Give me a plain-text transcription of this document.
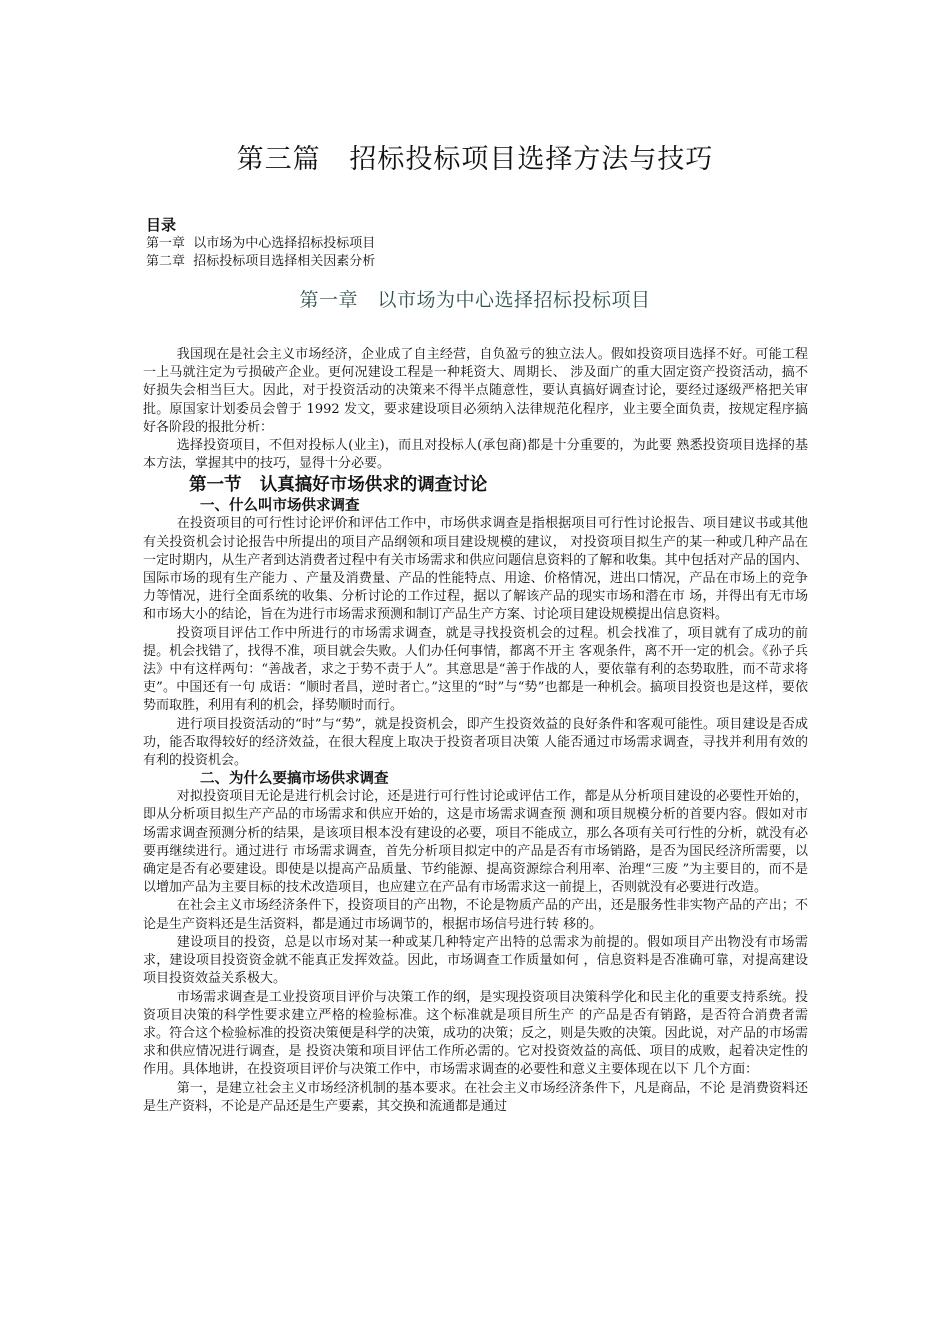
第三篇   招标投标项目选择方法与技巧
目录
第一章  以市场为中心选择招标投标项目
第二章  招标投标项目选择相关因素分析
第一章   以市场为中心选择招标投标项目

我国现在是社会主义市场经济，企业成了自主经营，自负盈亏的独立法人。假如投资项目选择不好。可能工程一上马就注定为亏损破产企业。更何况建设工程是一种耗资大、周期长、 涉及面广的重大固定资产投资活动，搞不好损失会相当巨大。因此，对于投资活动的决策来不得半点随意性，要认真搞好调查讨论，要经过逐级严格把关审批。原国家计划委员会曾于 1992 发文，要求建设项目必须纳入法律规范化程序，业主要全面负责，按规定程序搞好各阶段的报批分析：

选择投资项目，不但对投标人(业主)，而且对投标人(承包商)都是十分重要的，为此要 熟悉投资项目选择的基本方法，掌握其中的技巧，显得十分必要。

第一节   认真搞好市场供求的调查讨论
一、什么叫市场供求调查

在投资项目的可行性讨论评价和评估工作中，市场供求调查是指根据项目可行性讨论报告、项目建议书或其他有关投资机会讨论报告中所提出的项目产品纲领和项目建设规模的建议， 对投资项目拟生产的某一种或几种产品在一定时期内，从生产者到达消费者过程中有关市场需求和供应问题信息资料的了解和收集。其中包括对产品的国内、国际市场的现有生产能力 、产量及消费量、产品的性能特点、用途、价格情况，进出口情况，产品在市场上的竞争力等情况，进行全面系统的收集、分析讨论的工作过程，据以了解该产品的现实市场和潜在市 场，并得出有无市场和市场大小的结论，旨在为进行市场需求预测和制订产品生产方案、讨论项目建设规模提出信息资料。

投资项目评估工作中所进行的市场需求调查，就是寻找投资机会的过程。机会找准了，项目就有了成功的前提。机会找错了，找得不准，项目就会失败。人们办任何事情，都离不开主 客观条件，离不开一定的机会。《孙子兵法》中有这样两句：“善战者，求之于势不责于人”。其意思是“善于作战的人，要依靠有利的态势取胜，而不苛求将吏”。中国还有一句 成语：“顺时者昌，逆时者亡。”这里的“时”与“势”也都是一种机会。搞项目投资也是这样，要依势而取胜，利用有利的机会，择势顺时而行。

进行项目投资活动的“时”与“势”，就是投资机会，即产生投资效益的良好条件和客观可能性。项目建设是否成功，能否取得较好的经济效益，在很大程度上取决于投资者项目决策 人能否通过市场需求调查，寻找并利用有效的有利的投资机会。

二、为什么要搞市场供求调查

对拟投资项目无论是进行机会讨论，还是进行可行性讨论或评估工作，都是从分析项目建设的必要性开始的，即从分析项目拟生产产品的市场需求和供应开始的，这是市场需求调查预 测和项目规模分析的首要内容。假如对市场需求调查预测分析的结果，是该项目根本没有建设的必要，项目不能成立，那么各项有关可行性的分析，就没有必要再继续进行。通过进行 市场需求调查，首先分析项目拟定中的产品是否有市场销路，是否为国民经济所需要，以确定是否有必要建设。即使是以提高产品质量、节约能源、提高资源综合利用率、治理“三废 ”为主要目的，而不是以增加产品为主要目标的技术改造项目，也应建立在产品有市场需求这一前提上，否则就没有必要进行改造。

在社会主义市场经济条件下，投资项目的产出物，不论是物质产品的产出，还是服务性非实物产品的产出；不论是生产资料还是生活资料，都是通过市场调节的，根据市场信号进行转 移的。

建设项目的投资，总是以市场对某一种或某几种特定产出特的总需求为前提的。假如项目产出物没有市场需求，建设项目投资资金就不能真正发挥效益。因此，市场调查工作质量如何 ，信息资料是否准确可靠，对提高建设项目投资效益关系极大。

市场需求调查是工业投资项目评价与决策工作的纲，是实现投资项目决策科学化和民主化的重要支持系统。投资项目决策的科学性要求建立严格的检验标准。这个标准就是项目所生产 的产品是否有销路，是否符合消费者需求。符合这个检验标准的投资决策便是科学的决策，成功的决策；反之，则是失败的决策。因此说，对产品的市场需求和供应情况进行调查，是 投资决策和项目评估工作所必需的。它对投资效益的高低、项目的成败，起着决定性的作用。具体地讲，在投资项目评价与决策工作中，市场需求调查的必要性和意义主要体现在以下 几个方面：

第一，是建立社会主义市场经济机制的基本要求。在社会主义市场经济条件下，凡是商品，不论 是消费资料还是生产资料，不论是产品还是生产要素，其交换和流通都是通过
